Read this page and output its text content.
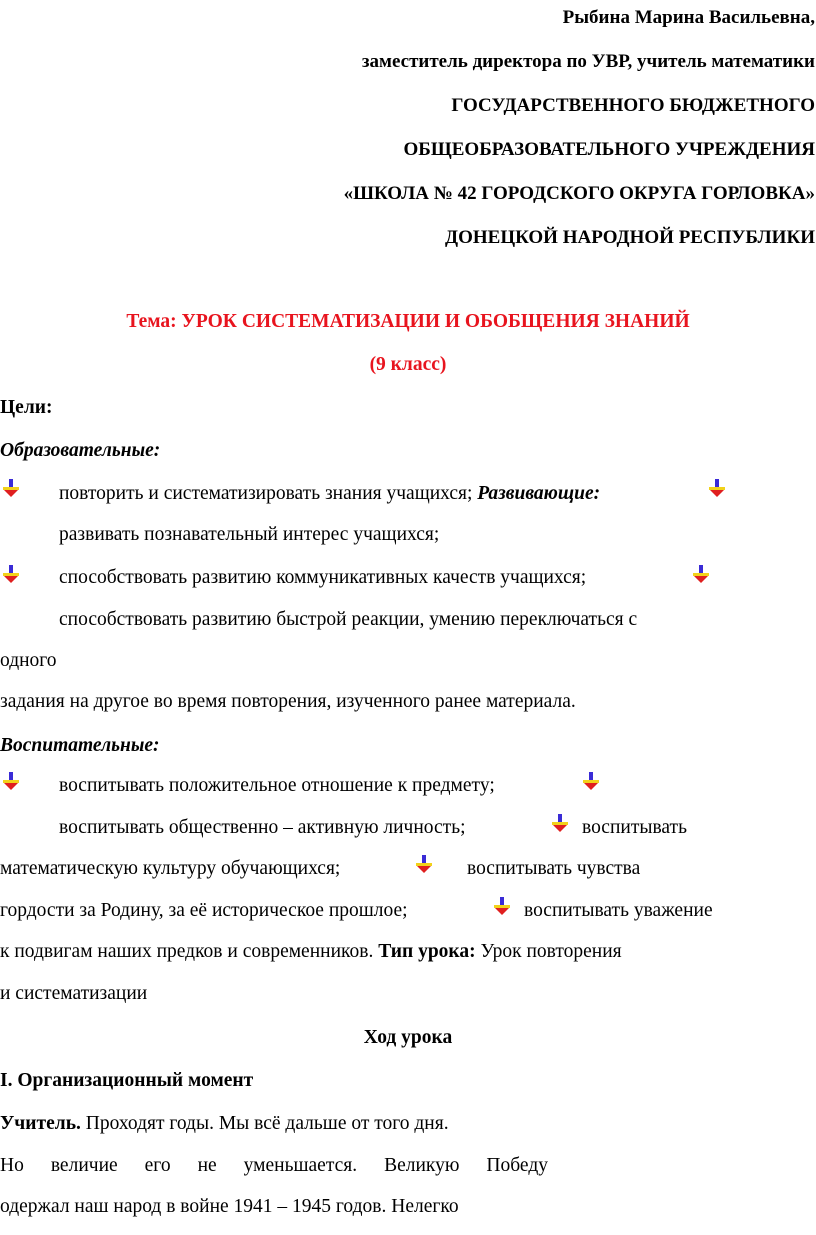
Рыбина Марина Васильевна,
заместитель директора по УВР, учитель математики
ГОСУДАРСТВЕННОГО БЮДЖЕТНОГО
ОБЩЕОБРАЗОВАТЕЛЬНОГО УЧРЕЖДЕНИЯ
«ШКОЛА № 42 ГОРОДСКОГО ОКРУГА ГОРЛОВКА»
ДОНЕЦКОЙ НАРОДНОЙ РЕСПУБЛИКИ
Тема: УРОК СИСТЕМАТИЗАЦИИ И ОБОБЩЕНИЯ ЗНАНИЙ
(9 класс)
Цели:
Образовательные:
повторить и систематизировать знания учащихся; Развивающие:
развивать познавательный интерес учащихся;
способствовать развитию коммуникативных качеств учащихся;
способствовать развитию быстрой реакции, умению переключаться с
одного
задания на другое во время повторения, изученного ранее материала.
Воспитательные:
воспитывать положительное отношение к предмету;
воспитывать общественно – активную личность;	воспитывать
математическую культуру обучающихся;	воспитывать чувства
гордости за Родину, за её историческое прошлое;	воспитывать уважение
к подвигам наших предков и современников. Тип урока: Урок повторения
и систематизации
Ход урока
I. Организационный момент
Учитель. Проходят годы. Мы всё дальше от того дня.
Но величие его не уменьшается. Великую Победу
одержал наш народ в войне 1941 – 1945 годов. Нелегко
